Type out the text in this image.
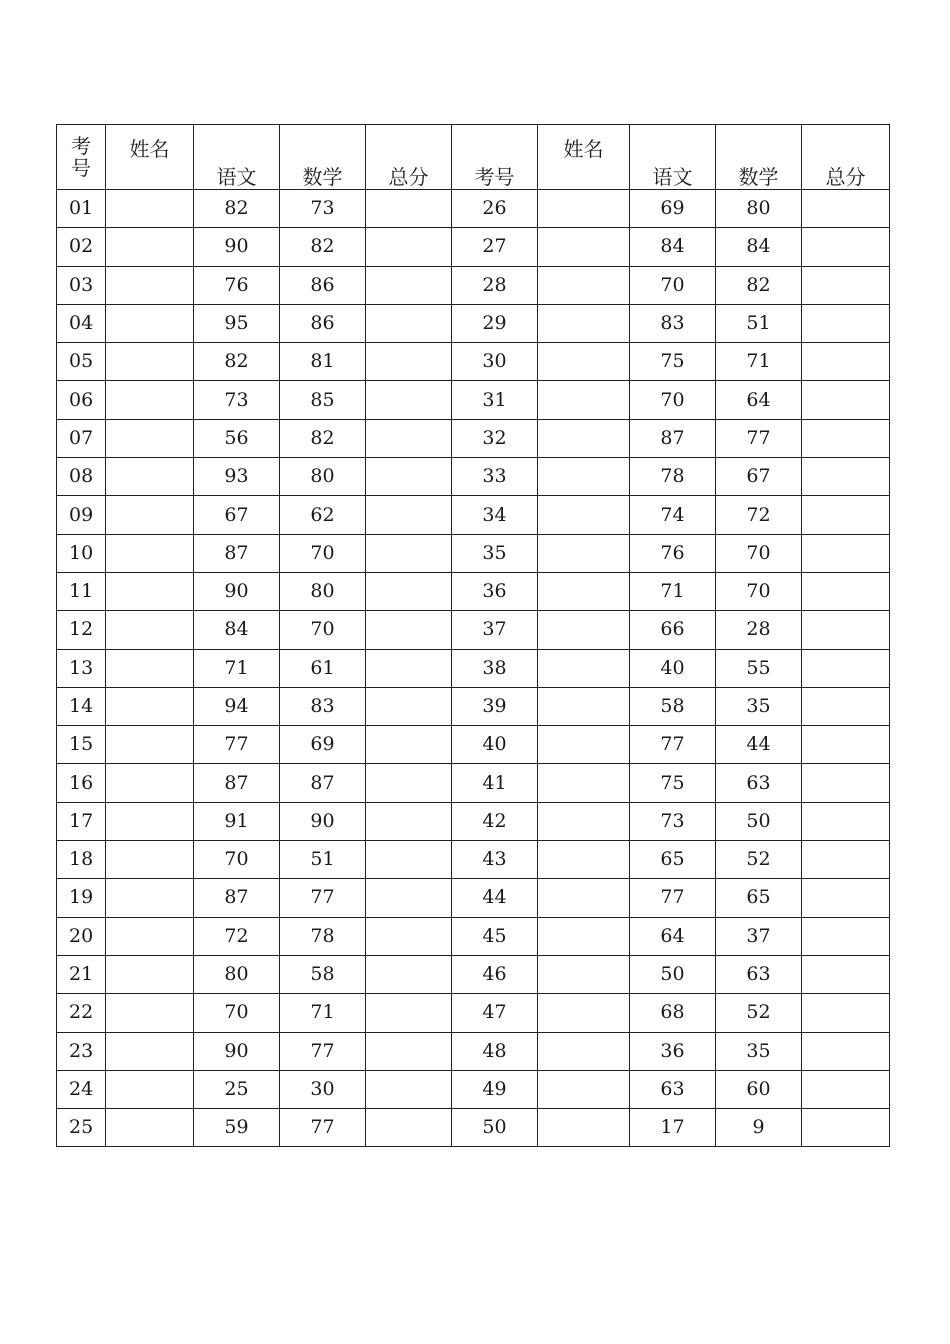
考
号	姓名	语文	数学	总分	考号	姓名	语文	数学	总分
01		82	73		26		69	80	
02		90	82		27		84	84	
03		76	86		28		70	82	
04		95	86		29		83	51	
05		82	81		30		75	71	
06		73	85		31		70	64	
07		56	82		32		87	77	
08		93	80		33		78	67	
09		67	62		34		74	72	
10		87	70		35		76	70	
11		90	80		36		71	70	
12		84	70		37		66	28	
13		71	61		38		40	55	
14		94	83		39		58	35	
15		77	69		40		77	44	
16		87	87		41		75	63	
17		91	90		42		73	50	
18		70	51		43		65	52	
19		87	77		44		77	65	
20		72	78		45		64	37	
21		80	58		46		50	63	
22		70	71		47		68	52	
23		90	77		48		36	35	
24		25	30		49		63	60	
25		59	77		50		17	9	
